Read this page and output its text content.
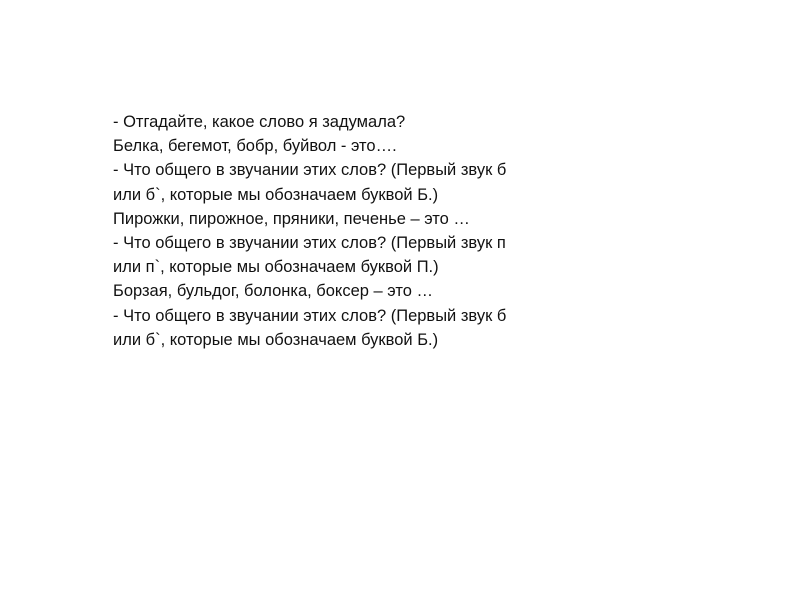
- Отгадайте, какое слово я задумала?
Белка, бегемот, бобр, буйвол - это….
- Что общего в звучании этих слов? (Первый звук б
или б`, которые мы обозначаем буквой Б.)
Пирожки, пирожное, пряники, печенье – это …
- Что общего в звучании этих слов? (Первый звук п
или п`, которые мы обозначаем буквой П.)
Борзая, бульдог, болонка, боксер – это …
- Что общего в звучании этих слов? (Первый звук б
или б`, которые мы обозначаем буквой Б.)
